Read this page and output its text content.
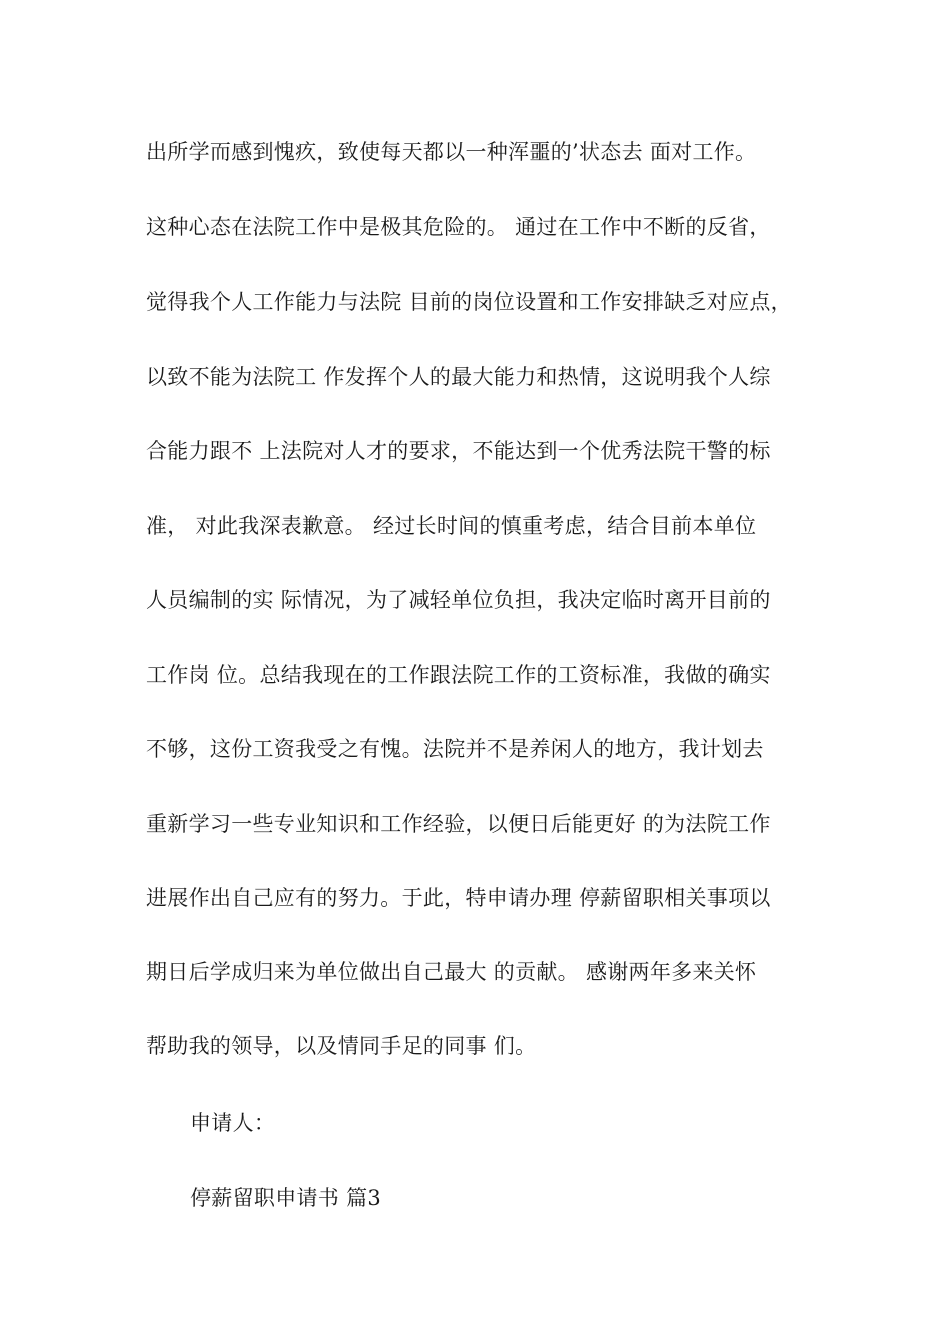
出所学而感到愧疚，致使每天都以一种浑噩的’状态去 面对工作。
这种心态在法院工作中是极其危险的。 通过在工作中不断的反省，
觉得我个人工作能力与法院 目前的岗位设置和工作安排缺乏对应点，
以致不能为法院工 作发挥个人的最大能力和热情，这说明我个人综
合能力跟不 上法院对人才的要求，不能达到一个优秀法院干警的标
准， 对此我深表歉意。 经过长时间的慎重考虑，结合目前本单位
人员编制的实 际情况，为了减轻单位负担，我决定临时离开目前的
工作岗 位。总结我现在的工作跟法院工作的工资标准，我做的确实
不够，这份工资我受之有愧。法院并不是养闲人的地方，我计划去
重新学习一些专业知识和工作经验，以便日后能更好 的为法院工作
进展作出自己应有的努力。于此，特申请办理 停薪留职相关事项以
期日后学成归来为单位做出自己最大 的贡献。 感谢两年多来关怀
帮助我的领导，以及情同手足的同事 们。
申请人：
停薪留职申请书 篇3
